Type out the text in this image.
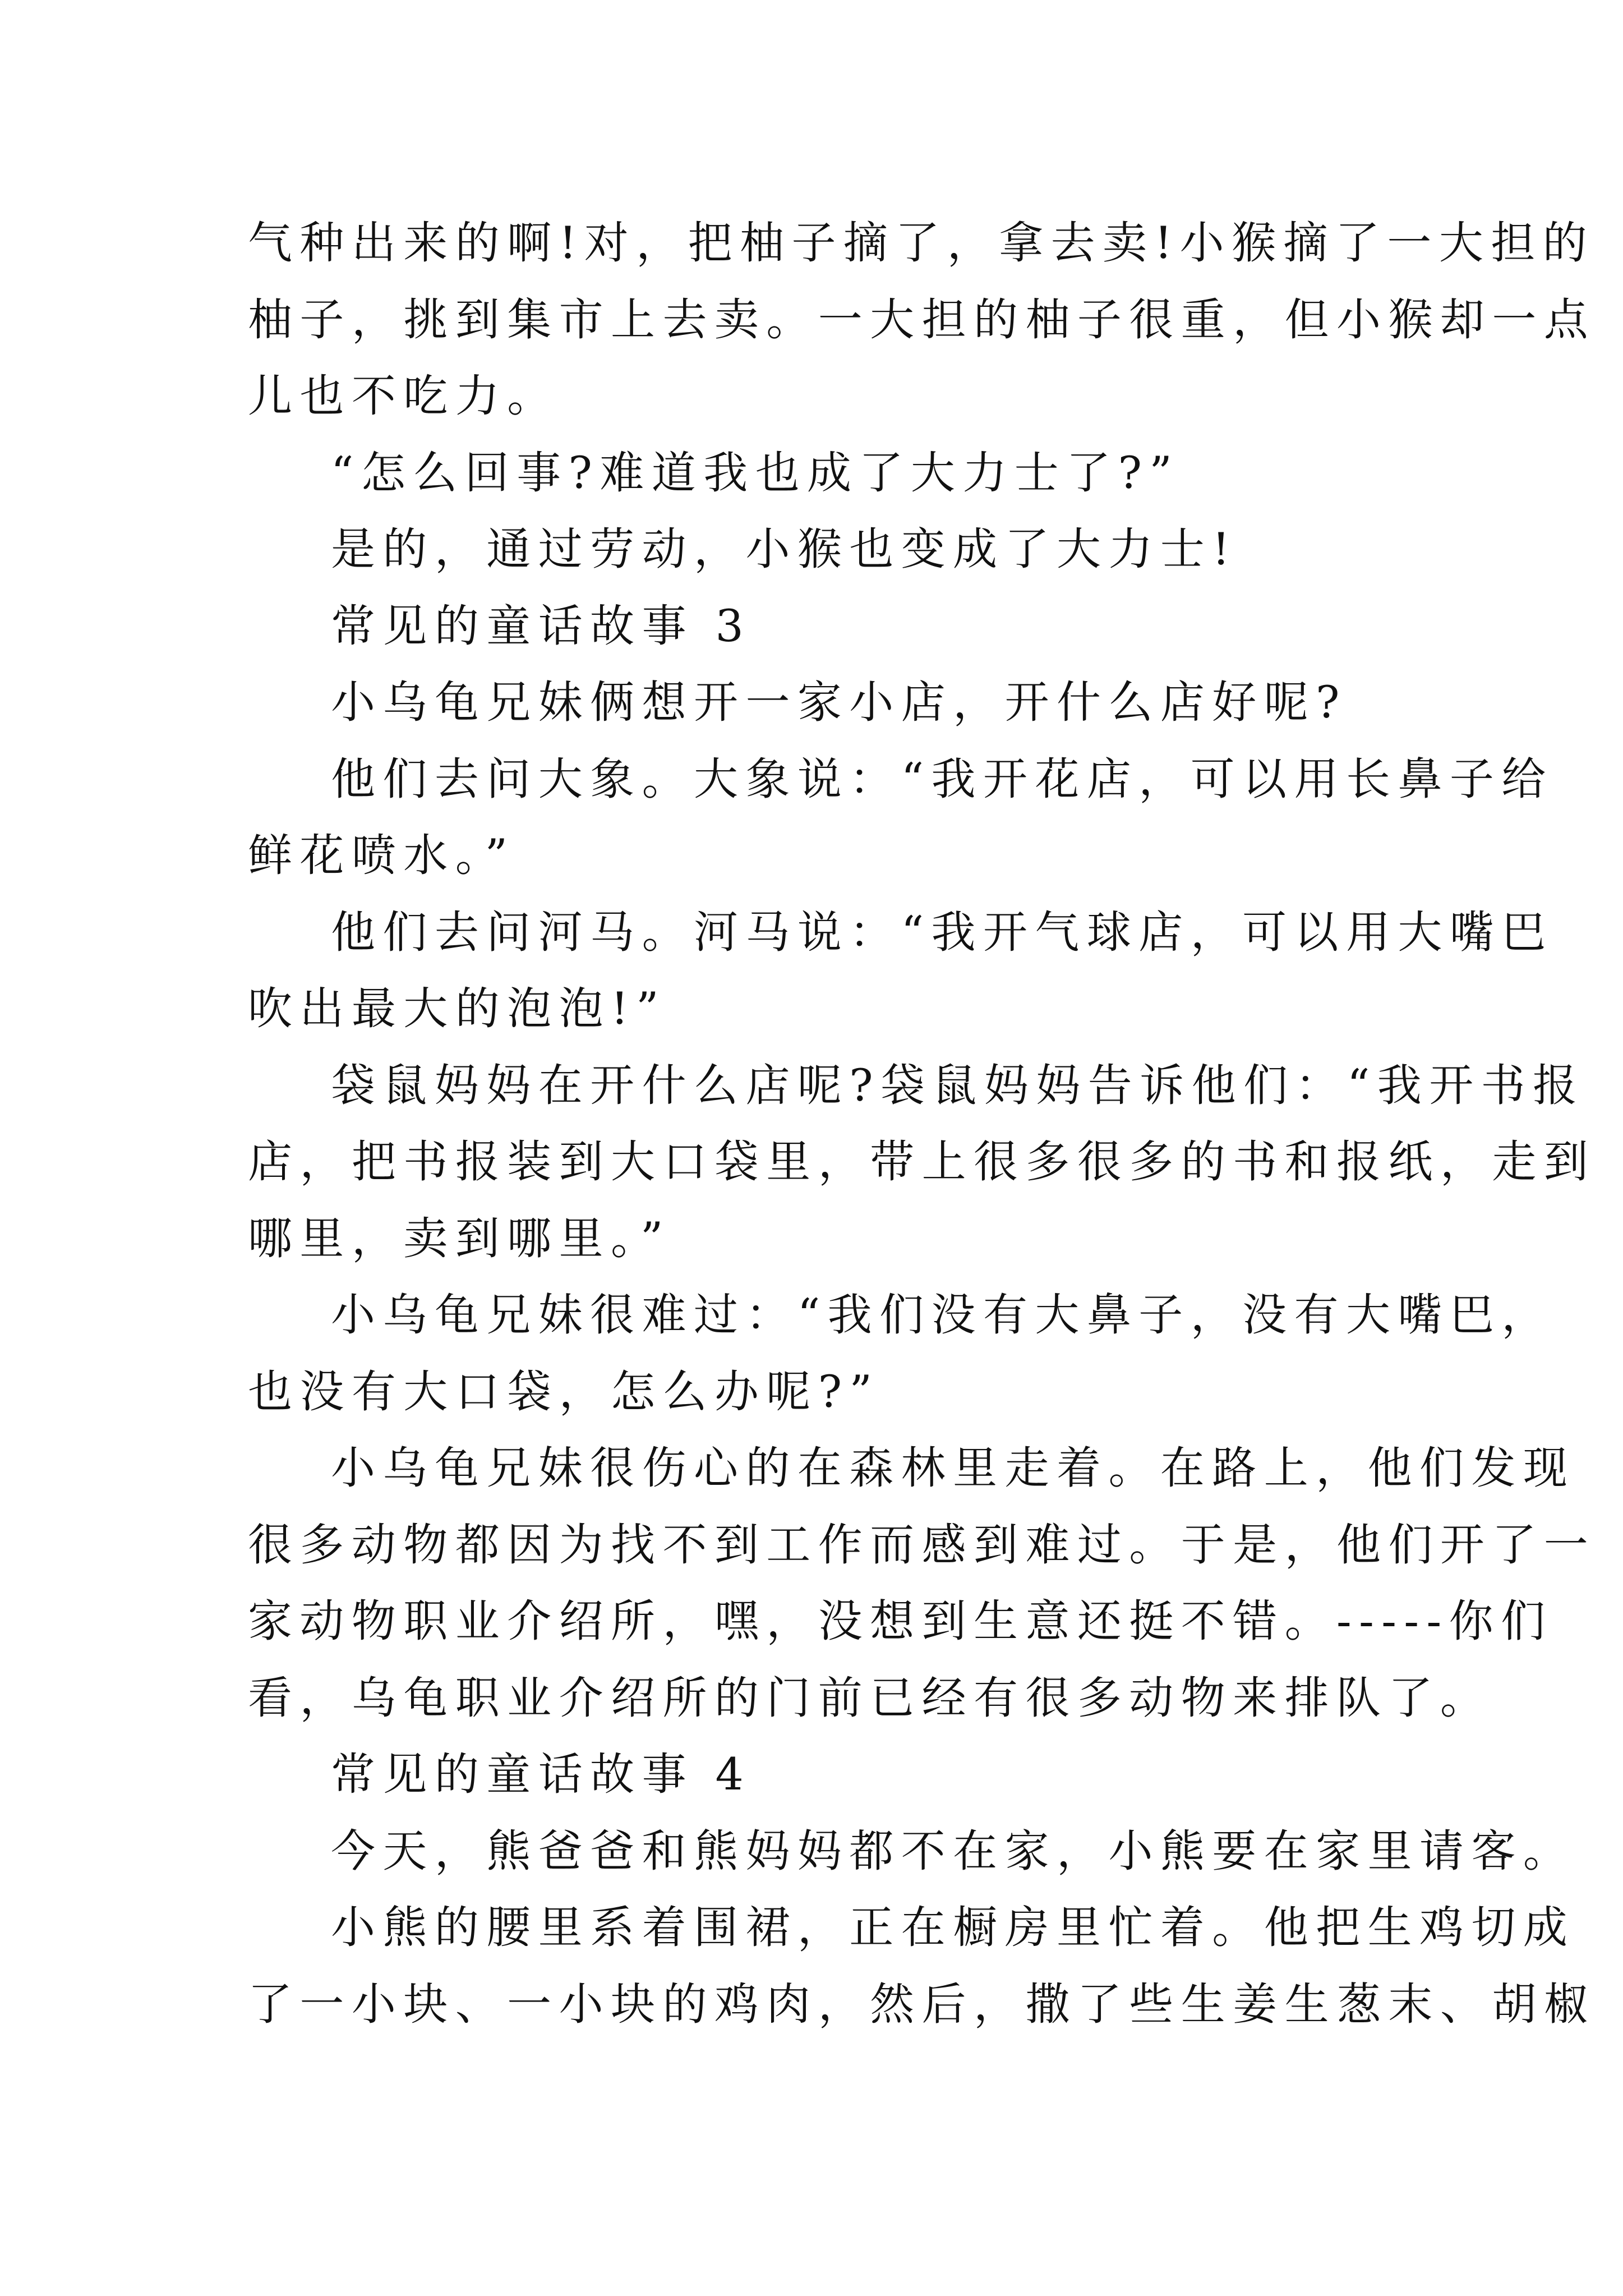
气种出来的啊!对，把柚子摘了，拿去卖!小猴摘了一大担的

柚子，挑到集市上去卖。一大担的柚子很重，但小猴却一点

儿也不吃力。

“怎么回事?难道我也成了大力士了?”

是的，通过劳动，小猴也变成了大力士!

常见的童话故事 3

小乌龟兄妹俩想开一家小店，开什么店好呢?

他们去问大象。大象说：“我开花店，可以用长鼻子给

鲜花喷水。”

他们去问河马。河马说：“我开气球店，可以用大嘴巴

吹出最大的泡泡!”

袋鼠妈妈在开什么店呢?袋鼠妈妈告诉他们：“我开书报

店，把书报装到大口袋里，带上很多很多的书和报纸，走到

哪里，卖到哪里。”

小乌龟兄妹很难过：“我们没有大鼻子，没有大嘴巴，

也没有大口袋，怎么办呢?”

小乌龟兄妹很伤心的在森林里走着。在路上，他们发现

很多动物都因为找不到工作而感到难过。于是，他们开了一

家动物职业介绍所，嘿，没想到生意还挺不错。-----你们

看，乌龟职业介绍所的门前已经有很多动物来排队了。

常见的童话故事 4

今天，熊爸爸和熊妈妈都不在家，小熊要在家里请客。

小熊的腰里系着围裙，正在橱房里忙着。他把生鸡切成

了一小块、一小块的鸡肉，然后，撒了些生姜生葱末、胡椒
